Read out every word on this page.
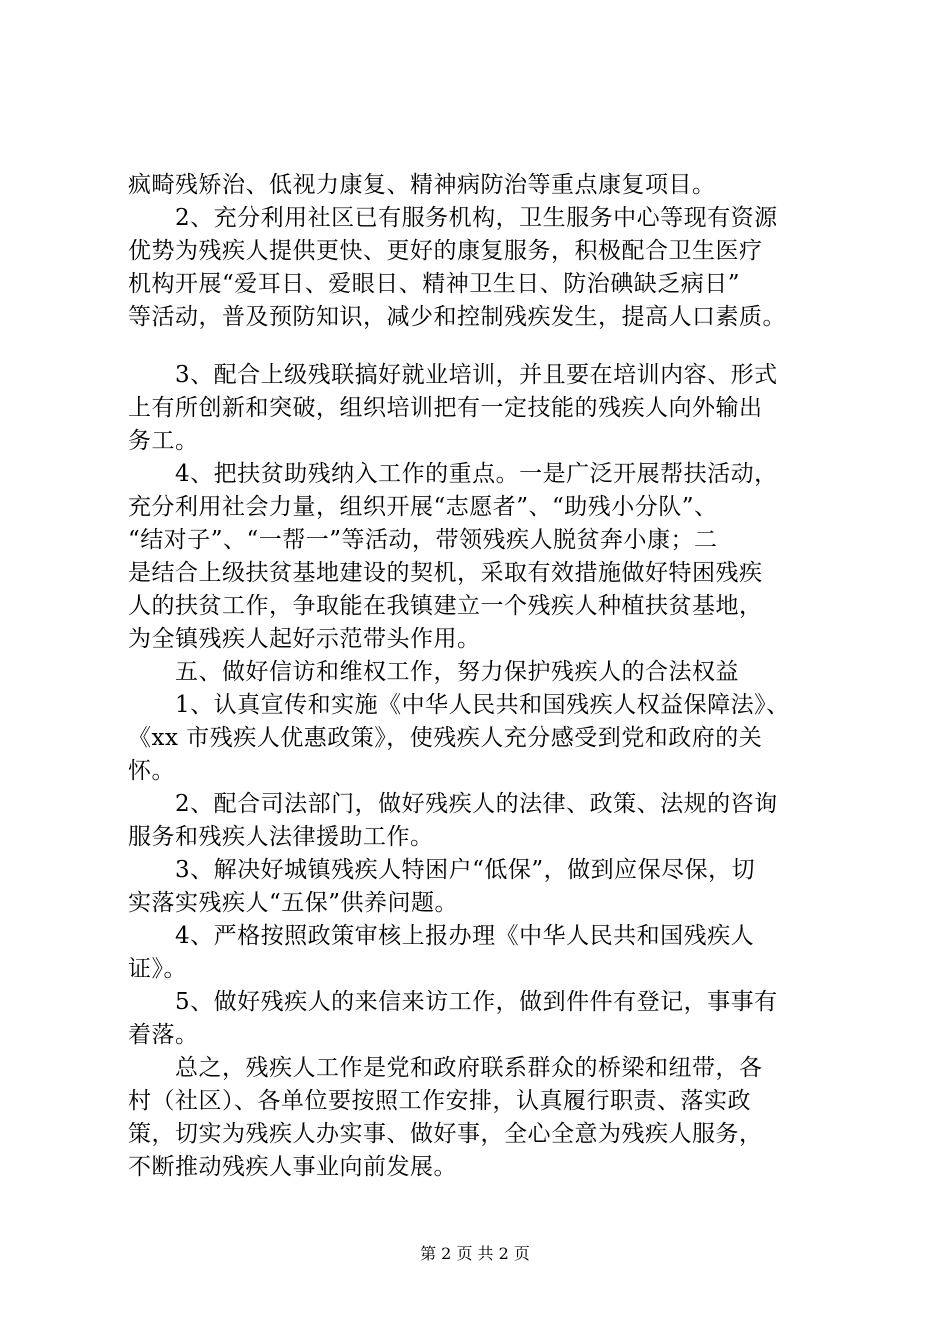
疯畸残矫治、低视力康复、精神病防治等重点康复项目。
2、充分利用社区已有服务机构，卫生服务中心等现有资源
优势为残疾人提供更快、更好的康复服务，积极配合卫生医疗
机构开展“爱耳日、爱眼日、精神卫生日、防治碘缺乏病日”
等活动，普及预防知识，减少和控制残疾发生，提高人口素质。
3、配合上级残联搞好就业培训，并且要在培训内容、形式
上有所创新和突破，组织培训把有一定技能的残疾人向外输出
务工。
4、把扶贫助残纳入工作的重点。一是广泛开展帮扶活动，
充分利用社会力量，组织开展“志愿者”、“助残小分队”、
“结对子”、“一帮一”等活动，带领残疾人脱贫奔小康；二
是结合上级扶贫基地建设的契机，采取有效措施做好特困残疾
人的扶贫工作，争取能在我镇建立一个残疾人种植扶贫基地，
为全镇残疾人起好示范带头作用。
五、做好信访和维权工作，努力保护残疾人的合法权益
1、认真宣传和实施《中华人民共和国残疾人权益保障法》、
《xx 市残疾人优惠政策》，使残疾人充分感受到党和政府的关
怀。
2、配合司法部门，做好残疾人的法律、政策、法规的咨询
服务和残疾人法律援助工作。
3、解决好城镇残疾人特困户“低保”，做到应保尽保，切
实落实残疾人“五保”供养问题。
4、严格按照政策审核上报办理《中华人民共和国残疾人
证》。
5、做好残疾人的来信来访工作，做到件件有登记，事事有
着落。
总之，残疾人工作是党和政府联系群众的桥梁和纽带，各
村（社区）、各单位要按照工作安排，认真履行职责、落实政
策，切实为残疾人办实事、做好事，全心全意为残疾人服务，
不断推动残疾人事业向前发展。
第 2 页 共 2 页
